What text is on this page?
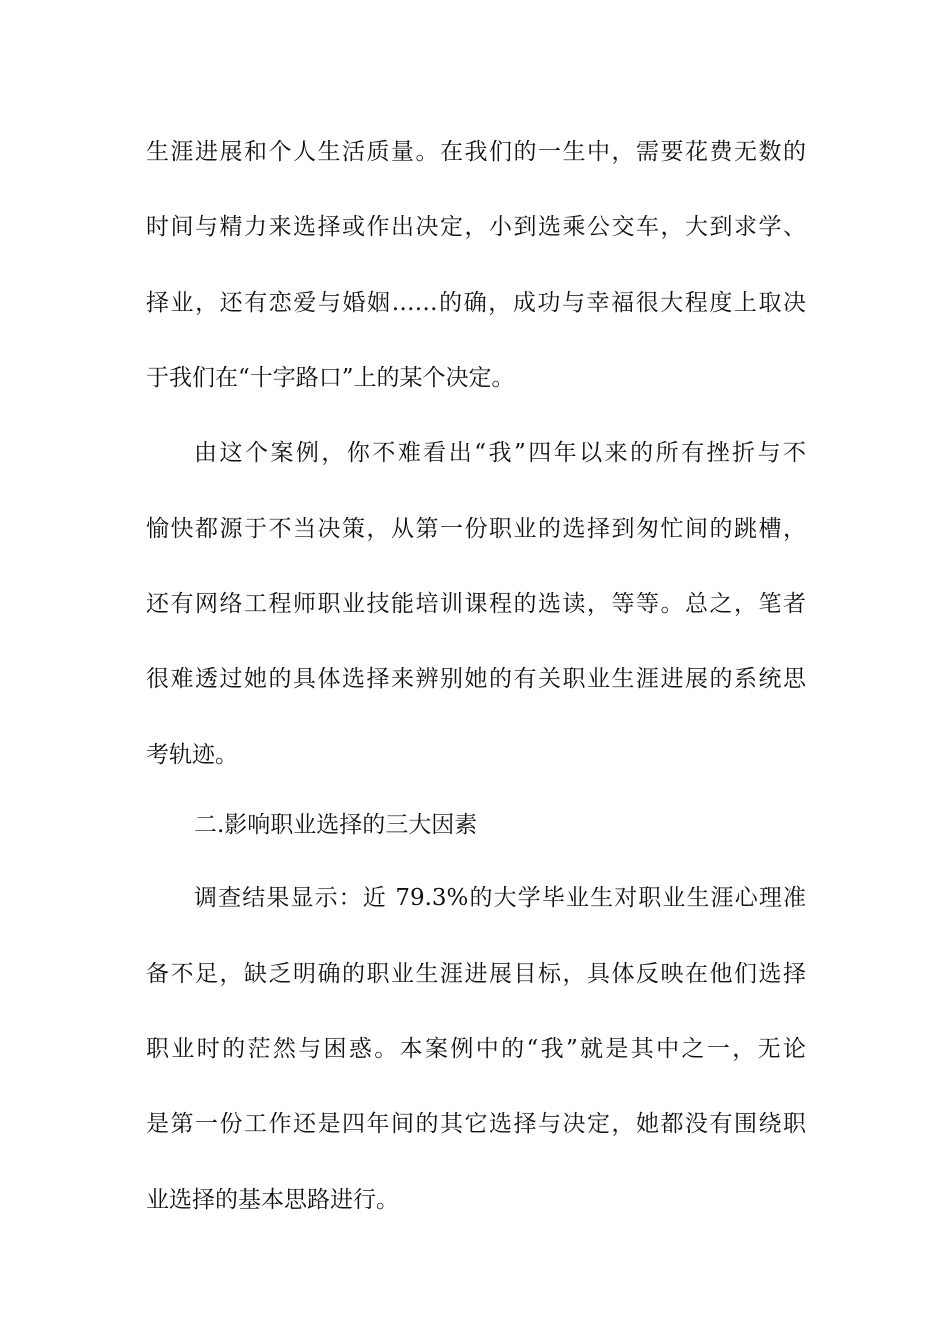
生涯进展和个人生活质量。在我们的一生中，需要花费无数的
时间与精力来选择或作出决定，小到选乘公交车，大到求学、
择业，还有恋爱与婚姻……的确，成功与幸福很大程度上取决
于我们在“十字路口”上的某个决定。
由这个案例，你不难看出“我”四年以来的所有挫折与不
愉快都源于不当决策，从第一份职业的选择到匆忙间的跳槽，
还有网络工程师职业技能培训课程的选读，等等。总之，笔者
很难透过她的具体选择来辨别她的有关职业生涯进展的系统思
考轨迹。
二.影响职业选择的三大因素
调查结果显示：近 79.3%的大学毕业生对职业生涯心理准
备不足，缺乏明确的职业生涯进展目标，具体反映在他们选择
职业时的茫然与困惑。本案例中的“我”就是其中之一，无论
是第一份工作还是四年间的其它选择与决定，她都没有围绕职
业选择的基本思路进行。
